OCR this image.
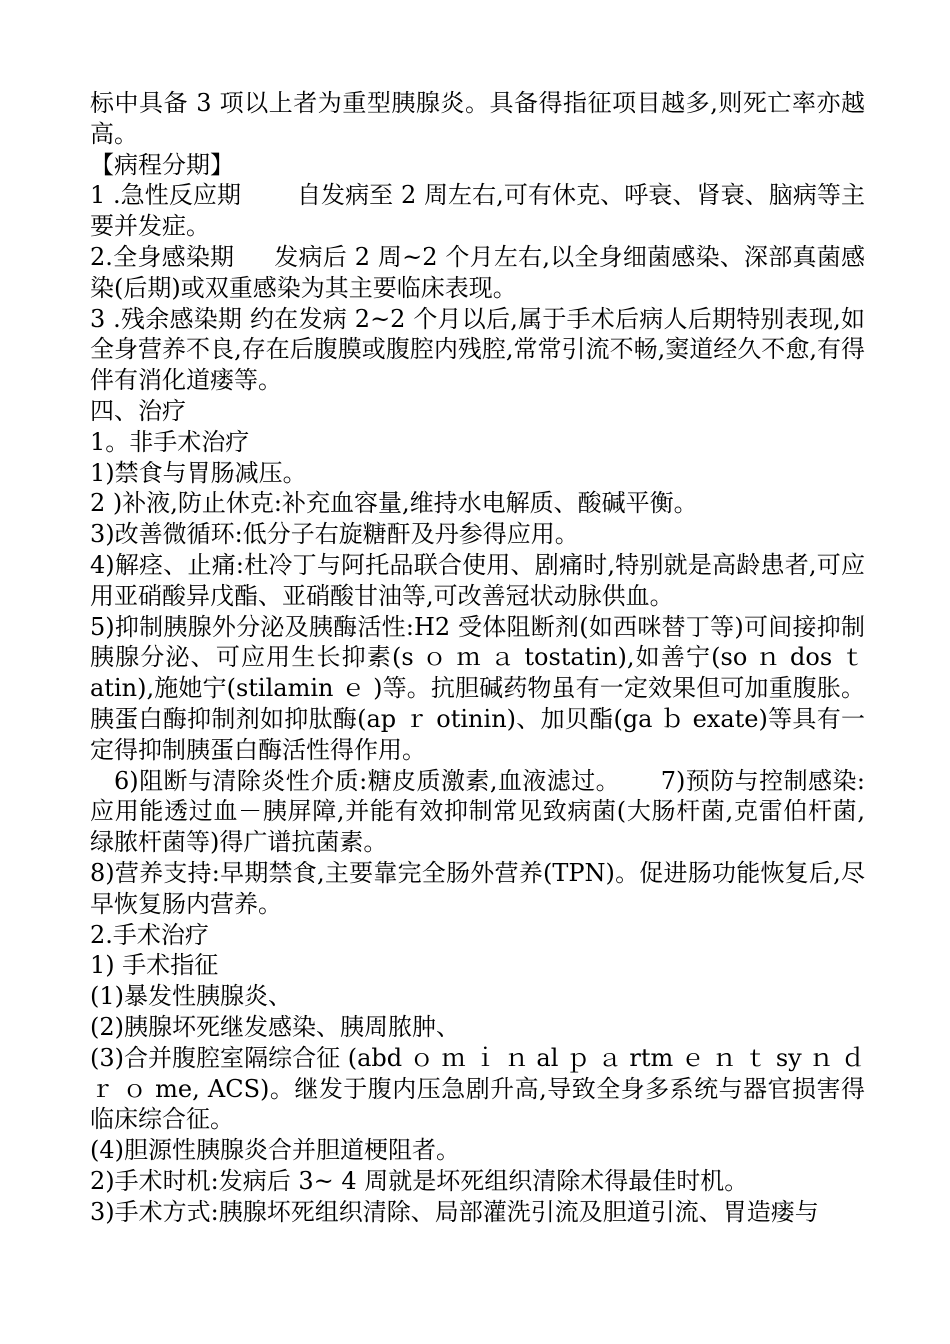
标中具备 3 项以上者为重型胰腺炎。具备得指征项目越多,则死亡率亦越高。

【病程分期】

1 .急性反应期 　　自发病至 2 周左右,可有休克、呼衰、肾衰、脑病等主要并发症。

2.全身感染期 　 发病后 2 周~2 个月左右,以全身细菌感染、深部真菌感染(后期)或双重感染为其主要临床表现。

3 .残余感染期 约在发病 2~2 个月以后,属于手术后病人后期特别表现,如全身营养不良,存在后腹膜或腹腔内残腔,常常引流不畅,窦道经久不愈,有得伴有消化道瘘等。

四、治疗

1。非手术治疗

1)禁食与胃肠减压。

2 )补液,防止休克:补充血容量,维持水电解质、酸碱平衡。

3)改善微循环:低分子右旋糖酐及丹参得应用。

4)解痉、止痛:杜冷丁与阿托品联合使用、剧痛时,特别就是高龄患者,可应用亚硝酸异戊酯、亚硝酸甘油等,可改善冠状动脉供血。

5)抑制胰腺外分泌及胰酶活性:H2 受体阻断剂(如西咪替丁等)可间接抑制胰腺分泌、可应用生长抑素(s ｏ ｍ ａ tostatin),如善宁(so ｎ dos ｔ atin),施她宁(stilamin ｅ )等。抗胆碱药物虽有一定效果但可加重腹胀。胰蛋白酶抑制剂如抑肽酶(ap ｒ otinin)、加贝酯(ga ｂ exate)等具有一定得抑制胰蛋白酶活性得作用。

6)阻断与清除炎性介质:糖皮质激素,血液滤过。 　 7)预防与控制感染:应用能透过血－胰屏障,并能有效抑制常见致病菌(大肠杆菌,克雷伯杆菌,绿脓杆菌等)得广谱抗菌素。

8)营养支持:早期禁食,主要靠完全肠外营养(TPN)。促进肠功能恢复后,尽早恢复肠内营养。

2.手术治疗

1) 手术指征

(1)暴发性胰腺炎、

(2)胰腺坏死继发感染、胰周脓肿、

(3)合并腹腔室隔综合征 (abd ｏ ｍ ｉ ｎ al ｐ ａ rtm ｅ ｎ ｔ sy ｎ ｄ ｒ ｏ me, ACS)。继发于腹内压急剧升高,导致全身多系统与器官损害得临床综合征。

(4)胆源性胰腺炎合并胆道梗阻者。

2)手术时机:发病后 3~ 4 周就是坏死组织清除术得最佳时机。

3)手术方式:胰腺坏死组织清除、局部灌洗引流及胆道引流、胃造瘘与
